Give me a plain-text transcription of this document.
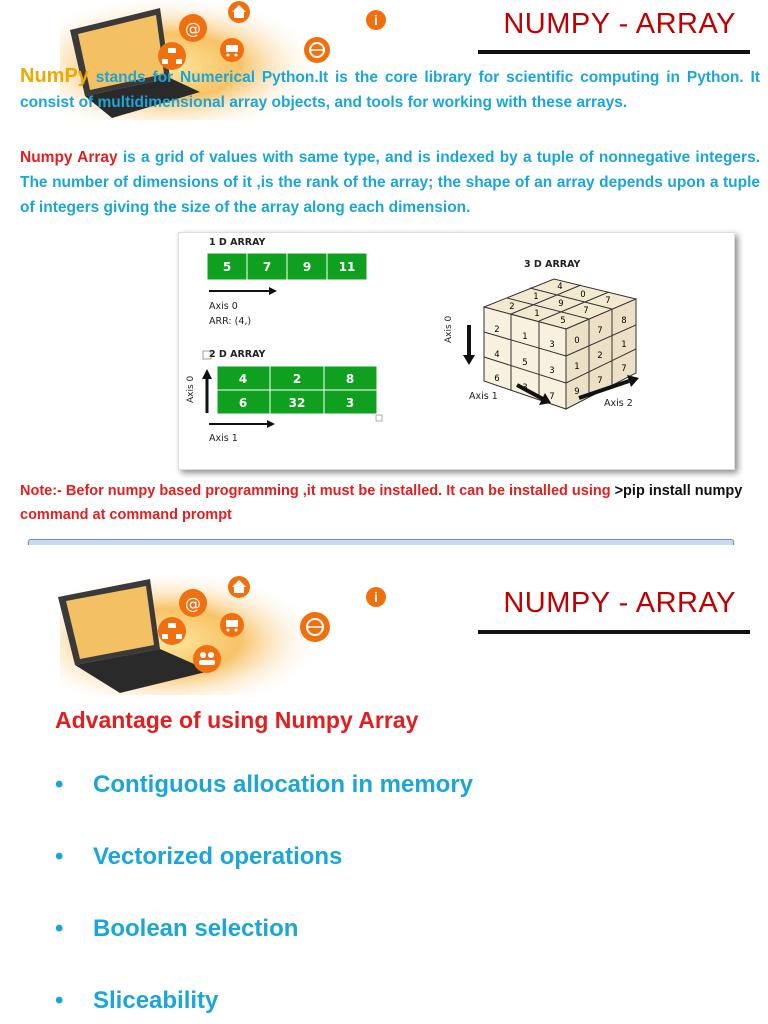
@	i	NUMPY - ARRAY
NumPy stands for Numerical Python.It is the core library for scientific computing in Python. It consist of multidimensional array objects, and tools for working with these arrays.
Numpy Array is a grid of values with same type, and is indexed by a tuple of nonnegative integers. The number of dimensions of it ,is the rank of the array; the shape of an array depends upon a tuple of integers giving the size of the array along each dimension.
1 D ARRAY
5	7	9 11
Axis 0
ARR: (4,)
2 D ARRAY
4	2	8
6	32	3
Axis 0
Axis 1
3 D ARRAY
4
0
7
1
9
7
2
1
5
2
1
3
4
5
3
6
7
0
7
8
1
2
1
9
7
7
Axis 0
Axis 1
Axis 2
Note:- Befor numpy based programming ,it must be installed. It can be installed using >pip install numpy command at command prompt
@	i	NUMPY - ARRAY
Advantage of using Numpy Array
• Contiguous allocation in memory
• Vectorized operations
• Boolean selection
• Sliceability
